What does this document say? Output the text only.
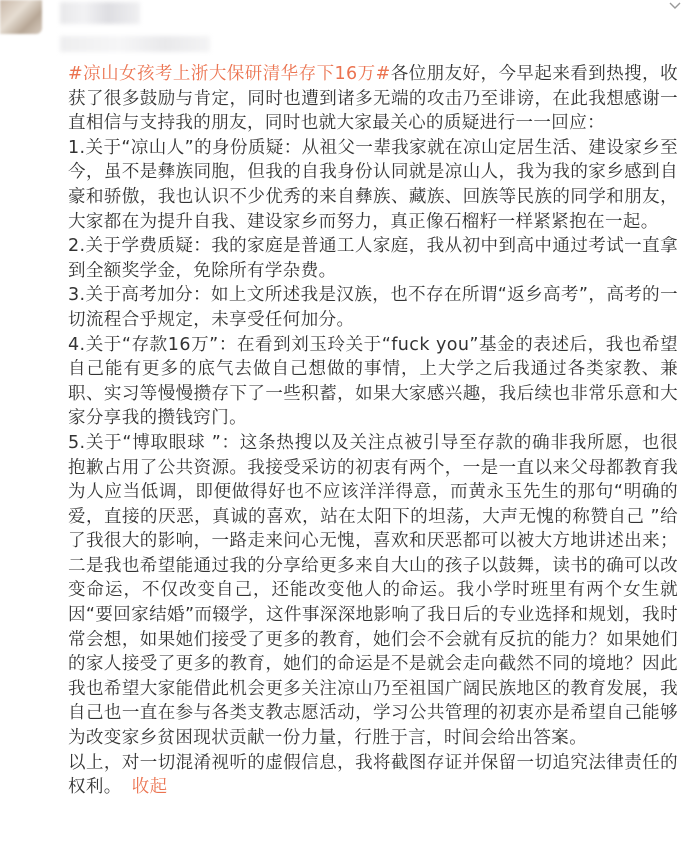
#凉山女孩考上浙大保研清华存下16万#各位朋友好，今早起来看到热搜，收获了很多鼓励与肯定，同时也遭到诸多无端的攻击乃至诽谤，在此我想感谢一直相信与支持我的朋友，同时也就大家最关心的质疑进行一一回应：

1.关于“凉山人”的身份质疑：从祖父一辈我家就在凉山定居生活、建设家乡至今，虽不是彝族同胞，但我的自我身份认同就是凉山人，我为我的家乡感到自豪和骄傲，我也认识不少优秀的来自彝族、藏族、回族等民族的同学和朋友，大家都在为提升自我、建设家乡而努力，真正像石榴籽一样紧紧抱在一起。

2.关于学费质疑：我的家庭是普通工人家庭，我从初中到高中通过考试一直拿到全额奖学金，免除所有学杂费。

3.关于高考加分：如上文所述我是汉族，也不存在所谓“返乡高考”，高考的一切流程合乎规定，未享受任何加分。

4.关于“存款16万”：在看到刘玉玲关于“fuck you”基金的表述后，我也希望自己能有更多的底气去做自己想做的事情，上大学之后我通过各类家教、兼职、实习等慢慢攒存下了一些积蓄，如果大家感兴趣，我后续也非常乐意和大家分享我的攒钱窍门。

5.关于“博取眼球 ”：这条热搜以及关注点被引导至存款的确非我所愿，也很抱歉占用了公共资源。我接受采访的初衷有两个，一是一直以来父母都教育我为人应当低调，即便做得好也不应该洋洋得意，而黄永玉先生的那句“明确的爱，直接的厌恶，真诚的喜欢，站在太阳下的坦荡，大声无愧的称赞自己 ”给了我很大的影响，一路走来问心无愧，喜欢和厌恶都可以被大方地讲述出来；二是我也希望能通过我的分享给更多来自大山的孩子以鼓舞，读书的确可以改变命运，不仅改变自己，还能改变他人的命运。我小学时班里有两个女生就因“要回家结婚”而辍学，这件事深深地影响了我日后的专业选择和规划，我时常会想，如果她们接受了更多的教育，她们会不会就有反抗的能力？如果她们的家人接受了更多的教育，她们的命运是不是就会走向截然不同的境地？因此我也希望大家能借此机会更多关注凉山乃至祖国广阔民族地区的教育发展，我自己也一直在参与各类支教志愿活动，学习公共管理的初衷亦是希望自己能够为改变家乡贫困现状贡献一份力量，行胜于言，时间会给出答案。

以上，对一切混淆视听的虚假信息，我将截图存证并保留一切追究法律责任的权利。 收起
